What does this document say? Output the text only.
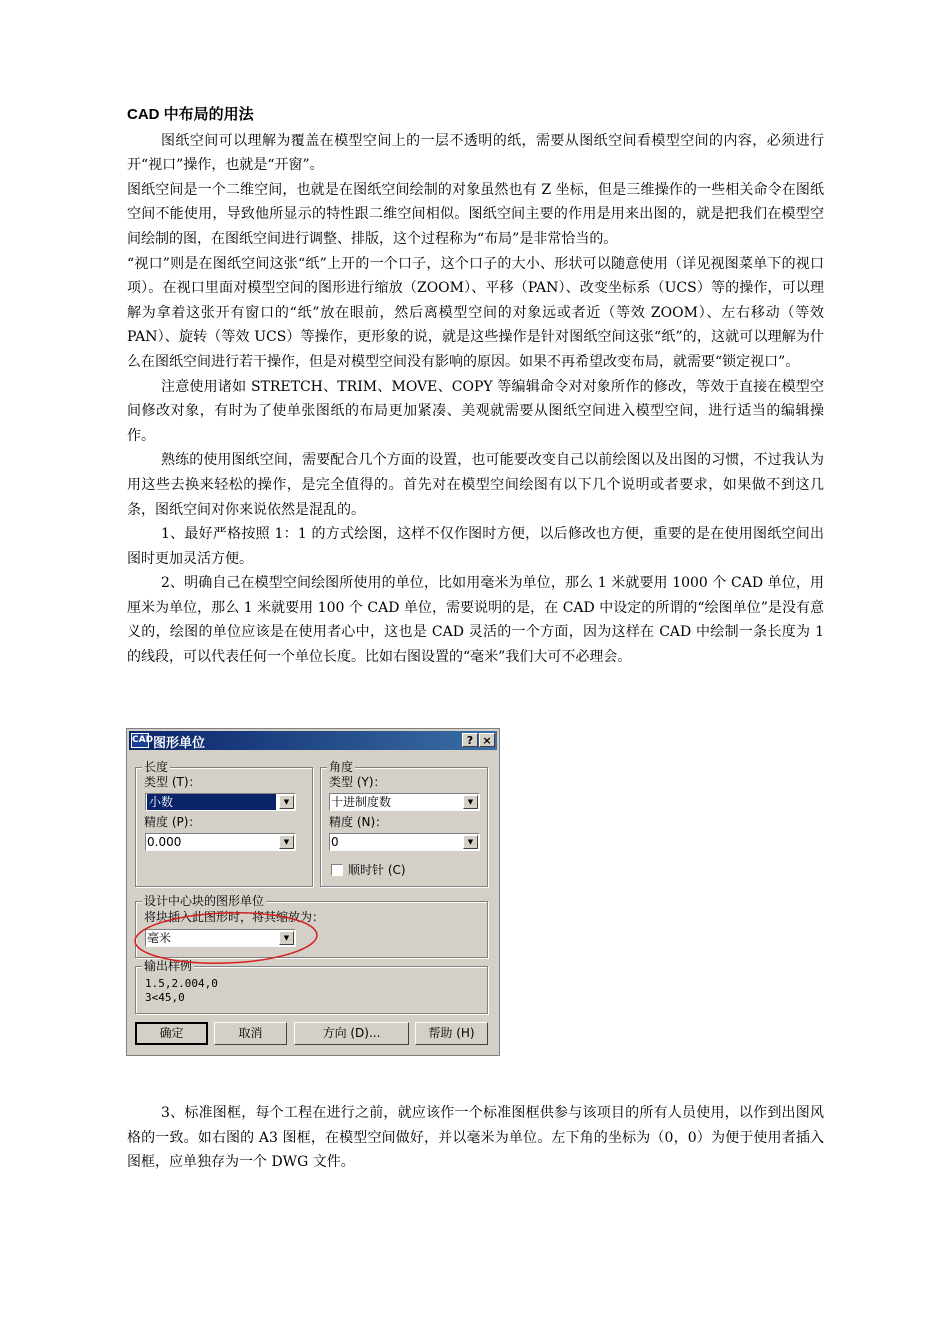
CAD 中布局的用法

图纸空间可以理解为覆盖在模型空间上的一层不透明的纸，需要从图纸空间看模型空间的内容，必须进行开“视口”操作，也就是“开窗”。

图纸空间是一个二维空间，也就是在图纸空间绘制的对象虽然也有 Z 坐标，但是三维操作的一些相关命令在图纸空间不能使用，导致他所显示的特性跟二维空间相似。图纸空间主要的作用是用来出图的，就是把我们在模型空间绘制的图，在图纸空间进行调整、排版，这个过程称为“布局”是非常恰当的。

“视口”则是在图纸空间这张“纸”上开的一个口子，这个口子的大小、形状可以随意使用（详见视图菜单下的视口项）。在视口里面对模型空间的图形进行缩放（ZOOM）、平移（PAN）、改变坐标系（UCS）等的操作，可以理解为拿着这张开有窗口的“纸”放在眼前，然后离模型空间的对象远或者近（等效 ZOOM）、左右移动（等效 PAN）、旋转（等效 UCS）等操作，更形象的说，就是这些操作是针对图纸空间这张“纸”的，这就可以理解为什么在图纸空间进行若干操作，但是对模型空间没有影响的原因。如果不再希望改变布局，就需要“锁定视口”。

注意使用诸如 STRETCH、TRIM、MOVE、COPY 等编辑命令对对象所作的修改，等效于直接在模型空间修改对象，有时为了使单张图纸的布局更加紧凑、美观就需要从图纸空间进入模型空间，进行适当的编辑操作。

熟练的使用图纸空间，需要配合几个方面的设置，也可能要改变自己以前绘图以及出图的习惯，不过我认为用这些去换来轻松的操作，是完全值得的。首先对在模型空间绘图有以下几个说明或者要求，如果做不到这几条，图纸空间对你来说依然是混乱的。

1、最好严格按照 1：1 的方式绘图，这样不仅作图时方便，以后修改也方便，重要的是在使用图纸空间出图时更加灵活方便。

2、明确自己在模型空间绘图所使用的单位，比如用毫米为单位，那么 1 米就要用 1000 个 CAD 单位，用厘米为单位，那么 1 米就要用 100 个 CAD 单位，需要说明的是，在 CAD 中设定的所谓的“绘图单位”是没有意义的，绘图的单位应该是在使用者心中，这也是 CAD 灵活的一个方面，因为这样在 CAD 中绘制一条长度为 1 的线段，可以代表任何一个单位长度。比如右图设置的“毫米”我们大可不必理会。

CAD 图形单位	? ×
长度
类型 (T)：
小数	▼
精度 (P)：
0.000	▼
角度
类型 (Y)：
十进制度数	▼
精度 (N)：
0	▼
顺时针 (C)
设计中心块的图形单位
将块插入此图形时，将其缩放为：
毫米	▼
输出样例
1.5,2.004,0
3<45,0
确定	取消	方向 (D)...	帮助 (H)

3、标准图框，每个工程在进行之前，就应该作一个标准图框供参与该项目的所有人员使用，以作到出图风格的一致。如右图的 A3 图框，在模型空间做好，并以毫米为单位。左下角的坐标为（0，0）为便于使用者插入图框，应单独存为一个 DWG 文件。
